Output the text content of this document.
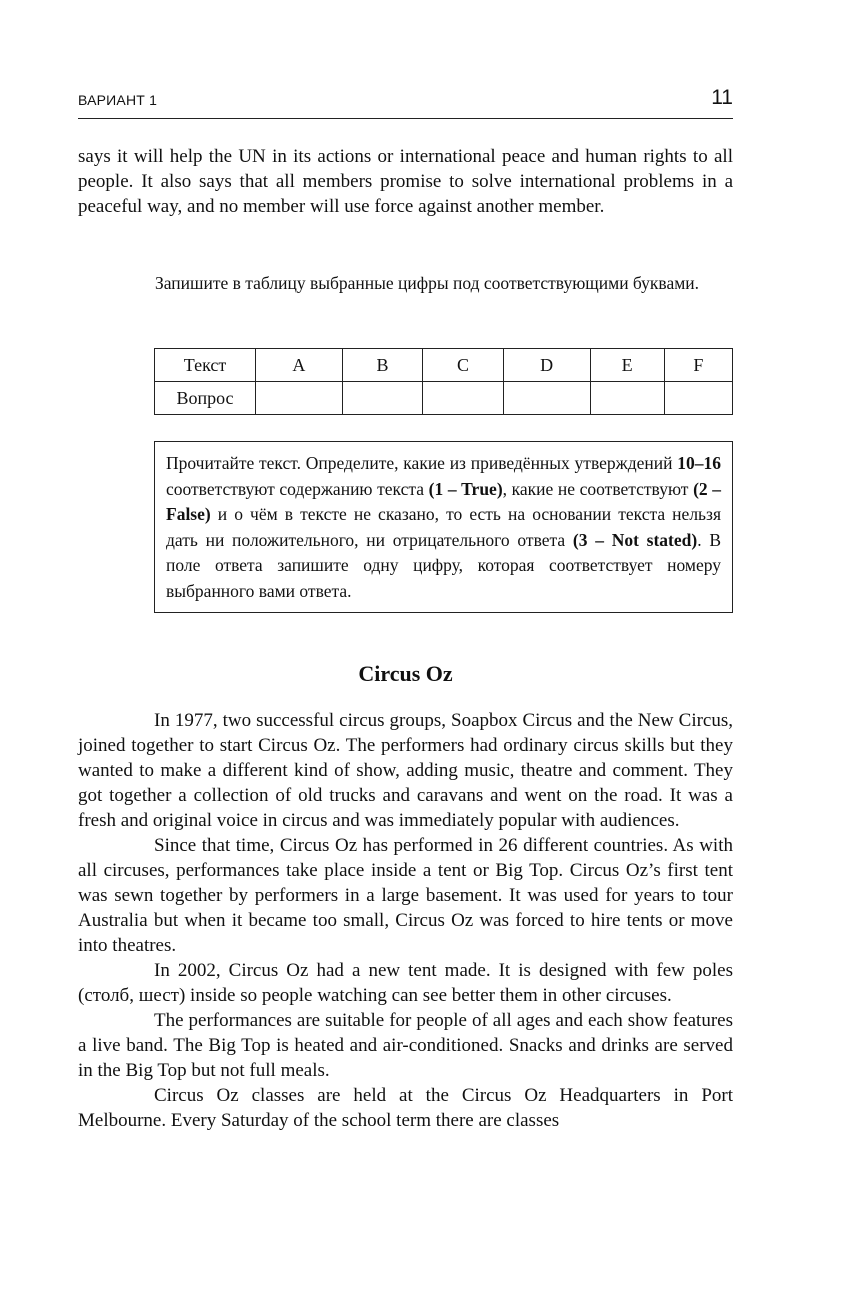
ВАРИАНТ 1	11

says it will help the UN in its actions or international peace and human rights to all people. It also says that all members promise to solve international problems in a peaceful way, and no member will use force against another member.

Запишите в таблицу выбранные цифры под соответствующими буквами.
Текст	A	B	C	D	E	F
Вопрос						
Прочитайте текст. Определите, какие из приведённых утверждений 10–16 соответствуют содержанию текста (1 – True), какие не соответствуют (2 – False) и о чём в тексте не сказано, то есть на основании текста нельзя дать ни положительного, ни отрицательного ответа (3 – Not stated). В поле ответа запишите одну цифру, которая соответствует номеру выбранного вами ответа.
Circus Oz

In 1977, two successful circus groups, Soapbox Circus and the New Circus, joined together to start Circus Oz. The performers had ordinary circus skills but they wanted to make a different kind of show, adding music, theatre and comment. They got together a collection of old trucks and caravans and went on the road. It was a fresh and original voice in circus and was immediately popular with audiences.

Since that time, Circus Oz has performed in 26 different countries. As with all circuses, performances take place inside a tent or Big Top. Circus Oz’s first tent was sewn together by performers in a large basement. It was used for years to tour Australia but when it became too small, Circus Oz was forced to hire tents or move into theatres.

In 2002, Circus Oz had a new tent made. It is designed with few poles (столб, шест) inside so people watching can see better them in other circuses.

The performances are suitable for people of all ages and each show features a live band. The Big Top is heated and air-conditioned. Snacks and drinks are served in the Big Top but not full meals.

Circus Oz classes are held at the Circus Oz Headquarters in Port Melbourne. Every Saturday of the school term there are classes
